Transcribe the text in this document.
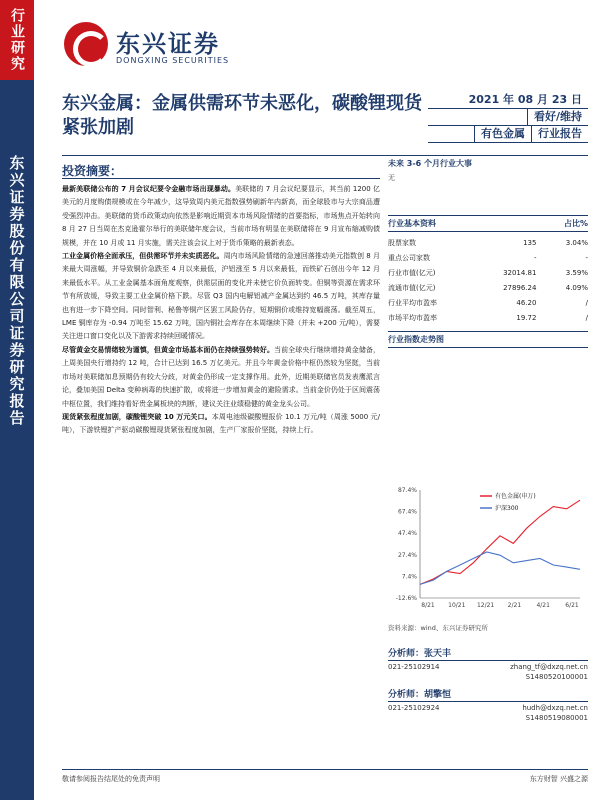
行业研究
东兴证券股份有限公司证券研究报告
东兴证券
DONGXING SECURITIES
东兴金属：金属供需环节未恶化，碳酸锂现货紧张加剧
2021 年 08 月 23 日
看好/维持
有色金属	行业报告
投资摘要：

最新美联储公布的 7 月会议纪要令金融市场出现暴动。美联储的 7 月会议纪要显示，其当前 1200 亿美元的月度购债规模或在今年减少，这导致周内美元指数强势刷新年内新高，而全球股市与大宗商品遭受强烈冲击。美联储的货币政策动向依然是影响近期资本市场风险情绪的首要指标，市场焦点开始转向 8 月 27 日当周在杰克逊霍尔举行的美联储年度会议，当前市场有明显在美联储将在 9 月宣布缩减购债规模，并在 10 月或 11 月实施，需关注该会议上对于货币策略的最新表态。

工业金属价格全面承压，但供需环节并未实质恶化。周内市场风险情绪的急速回落推动美元指数创 8 月来最大周涨幅，并导致铜价急跌至 4 月以来最低，沪铝涨至 5 月以来最低，而铁矿石创出今年 12 月来最低水平。从工业金属基本面角度观察，供需层面的变化并未使它价负面转变。但铜等资源在需求环节有所放缓，导致主要工业金属价格下跌。尽管 Q3 国内电解铝减产金属达到约 46.5 万吨，其库存量也有进一步下降空间。同时智利、秘鲁等铜产区罢工风险仍存，短期铜价或维持宽幅震荡。截至周五，LME 铜库存为 -0.94 万吨至 15.62 万吨，国内铜社会库存在本周继续下降（并未 +200 元/吨），需要关注进口窗口变化以及下游需求持续回暖情况。

尽管黄金交易情绪较为谨慎，但黄金市场基本面仍在持续强势转好。当前全球央行继续增持黄金储备，上周美国央行增持约 12 吨，合计已达到 16.5 万亿美元。并且今年黄金价格中枢仍然较为坚挺，当前市场对美联储加息预期仍有较大分歧，对黄金仍形成一定支撑作用。此外，近期美联储官员发表鹰派言论，叠加美国 Delta 变种病毒的快速扩散，或将进一步增加黄金的避险需求。当前金价仍处于区间震荡中枢位置，我们维持看好贵金属板块的判断，建议关注业绩稳健的黄金龙头公司。

现货紧张程度加剧，碳酸锂突破 10 万元关口。本周电池级碳酸锂报价 10.1 万元/吨（周涨 5000 元/吨），下游铁锂扩产驱动碳酸锂现货紧张程度加剧，生产厂家报价坚挺，持续上行。

未来 3-6 个月行业大事
无
行业基本资料	占比%
股票家数	135	3.04%
重点公司家数	-	-
行业市值(亿元)	32014.81	3.59%
流通市值(亿元)	27896.24	4.09%
行业平均市盈率	46.20	/
市场平均市盈率	19.72	/
行业指数走势图
87.4%
67.4%
47.4%
27.4%
7.4%
-12.6%
8/21 10/21 12/21 2/21	4/21	6/21
有色金属(申万)
沪深300
资料来源：wind、东兴证券研究所
分析师：张天丰
021-25102914	zhang_tf@dxzq.net.cn
S1480520100001
分析师：胡擎恒
021-25102924	hudh@dxzq.net.cn
S1480519080001
敬请参阅报告结尾处的免责声明	东方财智 兴盛之源
